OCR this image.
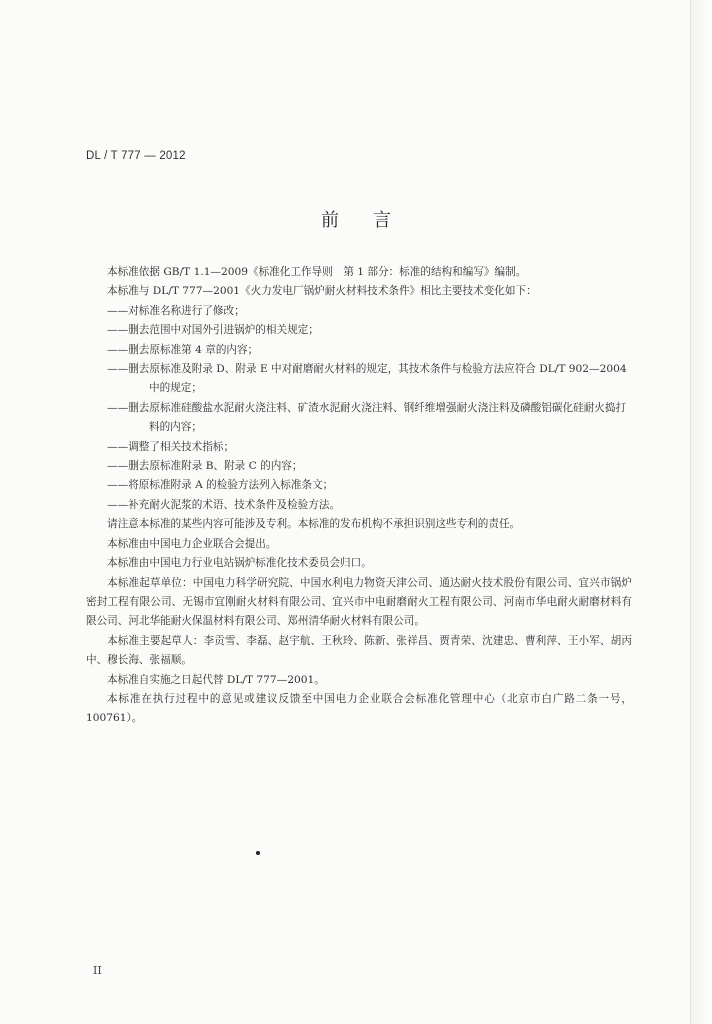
DL / T 777 — 2012
前言

本标准依据 GB/T 1.1—2009《标准化工作导则　第 1 部分：标准的结构和编写》编制。

本标准与 DL/T 777—2001《火力发电厂锅炉耐火材料技术条件》相比主要技术变化如下：

——对标准名称进行了修改；

——删去范围中对国外引进锅炉的相关规定；

——删去原标准第 4 章的内容；

——删去原标准及附录 D、附录 E 中对耐磨耐火材料的规定，其技术条件与检验方法应符合 DL/T 902—2004 中的规定；

——删去原标准硅酸盐水泥耐火浇注料、矿渣水泥耐火浇注料、钢纤维增强耐火浇注料及磷酸铝碳化硅耐火捣打料的内容；

——调整了相关技术指标；

——删去原标准附录 B、附录 C 的内容；

——将原标准附录 A 的检验方法列入标准条文；

——补充耐火泥浆的术语、技术条件及检验方法。

请注意本标准的某些内容可能涉及专利。本标准的发布机构不承担识别这些专利的责任。

本标准由中国电力企业联合会提出。

本标准由中国电力行业电站锅炉标准化技术委员会归口。

本标准起草单位：中国电力科学研究院、中国水利电力物资天津公司、通达耐火技术股份有限公司、宜兴市锅炉密封工程有限公司、无锡市宜刚耐火材料有限公司、宜兴市中电耐磨耐火工程有限公司、河南市华电耐火耐磨材料有限公司、河北华能耐火保温材料有限公司、郑州清华耐火材料有限公司。

本标准主要起草人：李贡雪、李磊、赵宇航、王秋玲、陈新、张祥昌、贾青荣、沈建忠、曹利萍、王小军、胡丙中、穆长海、张福顺。

本标准自实施之日起代替 DL/T 777—2001。

本标准在执行过程中的意见或建议反馈至中国电力企业联合会标准化管理中心（北京市白广路二条一号，100761）。

II
